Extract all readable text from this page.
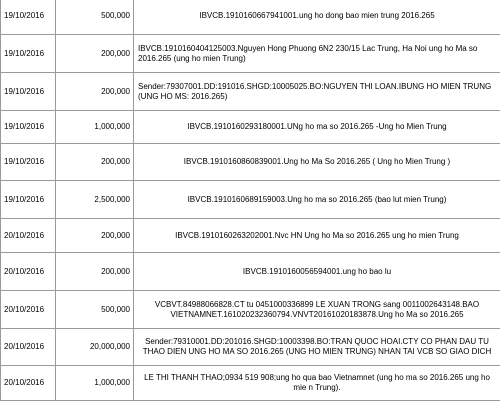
19/10/2016	500,000	IBVCB.1910160667941001.ung ho dong bao mien trung 2016.265
19/10/2016	200,000	IBVCB.1910160404125003.Nguyen Hong Phuong 6N2 230/15 Lac Trung, Ha Noi ung ho Ma so 2016.265 (ung ho mien Trung)
19/10/2016	200,000	Sender:79307001.DD:191016.SHGD:10005025.BO:NGUYEN THI LOAN.IBUNG HO MIEN TRUNG (UNG HO MS: 2016.265)
19/10/2016	1,000,000	IBVCB.1910160293180001.UNg ho ma so 2016.265 -Ung ho Mien Trung
19/10/2016	200,000	IBVCB.1910160860839001.Ung ho Ma So 2016.265 ( Ung ho Mien Trung )
19/10/2016	2,500,000	IBVCB.1910160689159003.Ung ho ma so 2016.265 (bao lut mien Trung)
20/10/2016	200,000	IBVCB.1910160263202001.Nvc HN Ung ho Ma so 2016.265 ung ho mien Trung
20/10/2016	200,000	IBVCB.1910160056594001.ung ho bao lu
20/10/2016	500,000	VCBVT.84988066828.CT tu 0451000336899 LE XUAN TRONG sang 0011002643148.BAO VIETNAMNET.161020232360794.VNVT20161020183878.Ung ho Ma so 2016.265
20/10/2016	20,000,000	Sender:79310001.DD:201016.SHGD:10003398.BO:TRAN QUOC HOAI.CTY CO PHAN DAU TU THAO DIEN UNG HO MA SO 2016.265 (UNG HO MIEN TRUNG) NHAN TAI VCB SO GIAO DICH
20/10/2016	1,000,000	LE THI THANH THAO;0934 519 908;ung ho qua bao Vietnamnet (ung ho ma so 2016.265 ung ho mie n Trung).
